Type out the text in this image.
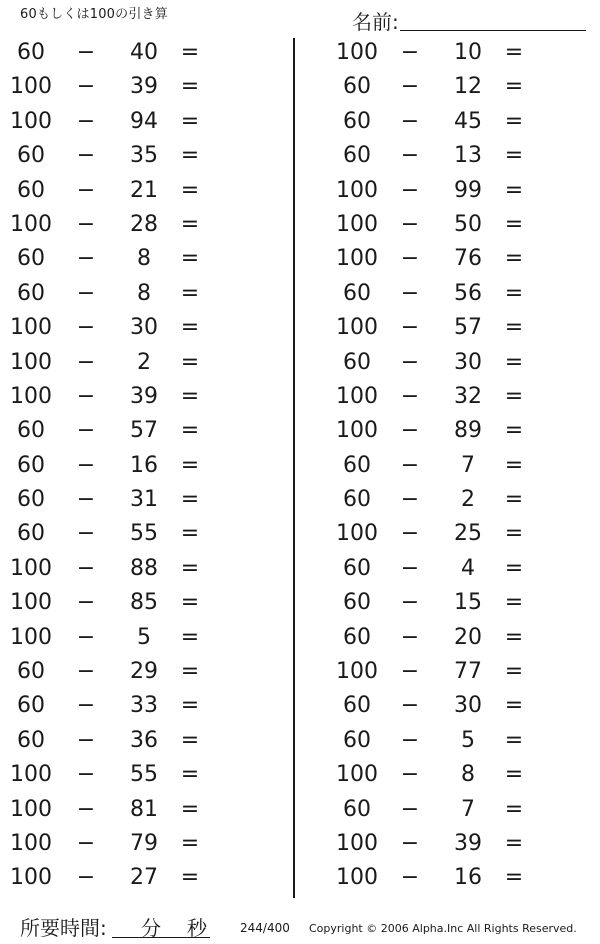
60もしくは100の引き算	名前:
60	−	40	=
100 −	39	=
100 −	94	=
60	−	35	=
60	−	21	=
100 −	28	=
60	−	8	=
60	−	8	=
100 −	30	=
100 −	2	=
100 −	39	=
60	−	57	=
60	−	16	=
60	−	31	=
60	−	55	=
100 −	88	=
100 −	85	=
100 −	5	=
60	−	29	=
60	−	33	=
60	−	36	=
100 −	55	=
100 −	81	=
100 −	79	=
100 −	27	=
100 −	10	=
60	−	12	=
60	−	45	=
60	−	13	=
100 −	99	=
100 −	50	=
100 −	76	=
60	−	56	=
100 −	57	=
60	−	30	=
100 −	32	=
100 −	89	=
60	−	7	=
60	−	2	=
100 −	25	=
60	−	4	=
60	−	15	=
60	−	20	=
100 −	77	=
60	−	30	=
60	−	5	=
100 −	8	=
60	−	7	=
100 −	39	=
100 −	16	=
所要時間: 分 秒	244/400 Copyright © 2006 Alpha.Inc All Rights Reserved.
